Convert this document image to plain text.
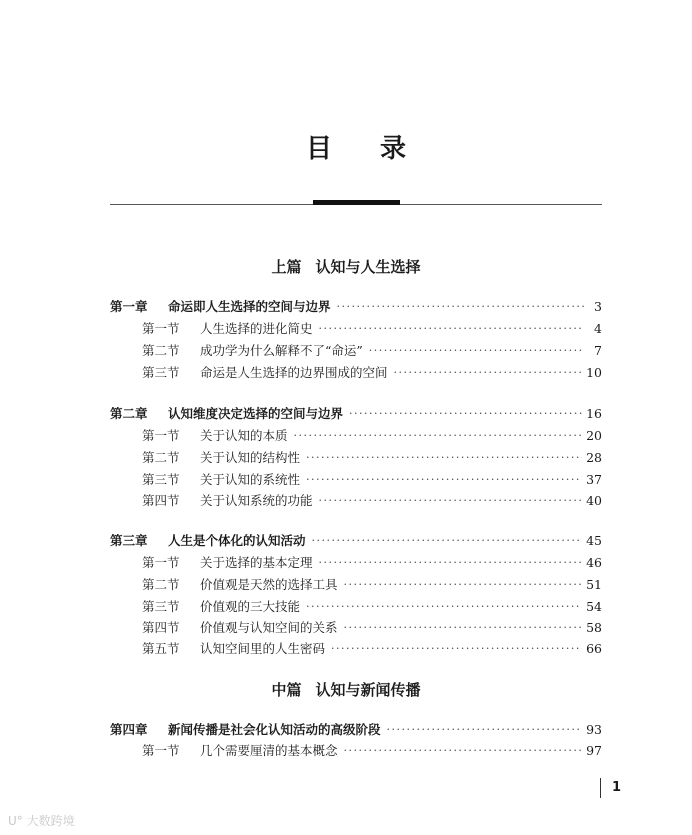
目 录
上篇 认知与人生选择
第一章	命运即人生选择的空间与边界 ·····	3
第一节	人生选择的进化简史 ·····	4
第二节	成功学为什么解释不了“命运” ·····	7
第三节	命运是人生选择的边界围成的空间 ·····	10
第二章	认知维度决定选择的空间与边界 ·····	16
第一节	关于认知的本质 ·····	20
第二节	关于认知的结构性 ·····	28
第三节	关于认知的系统性 ·····	37
第四节	关于认知系统的功能 ·····	40
第三章	人生是个体化的认知活动 ·····	45
第一节	关于选择的基本定理 ·····	46
第二节	价值观是天然的选择工具 ·····	51
第三节	价值观的三大技能 ·····	54
第四节	价值观与认知空间的关系 ·····	58
第五节	认知空间里的人生密码 ·····	66
中篇 认知与新闻传播
第四章	新闻传播是社会化认知活动的高级阶段 ·····	93
第一节	几个需要厘清的基本概念 ·····	97
1
ᑌ° 大数跨境
